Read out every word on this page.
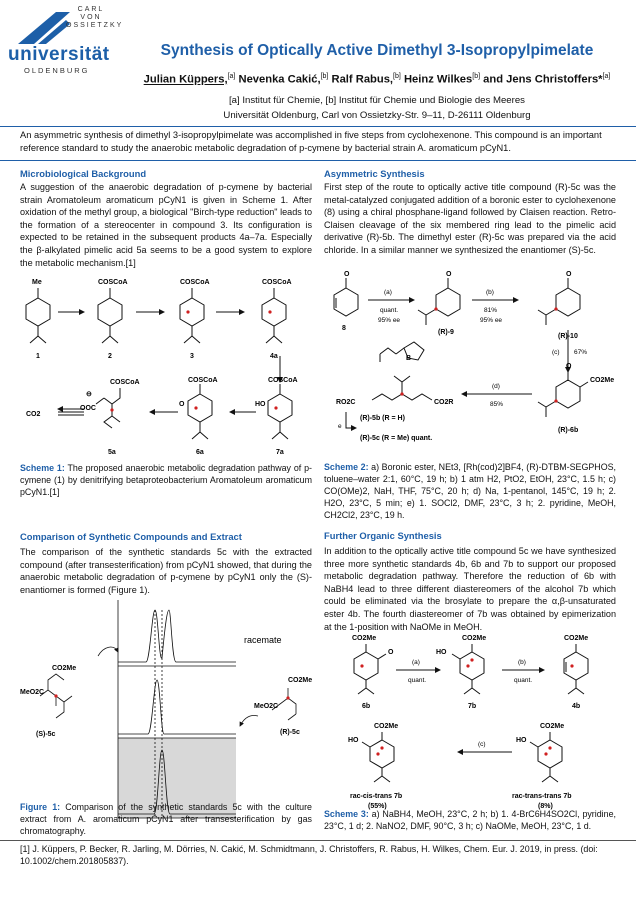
CARL VON OSSIETZKY
universität
OLDENBURG
Synthesis of Optically Active Dimethyl 3-Isopropylpimelate
Julian Küppers,[a] Nevenka Cakić,[b] Ralf Rabus,[b] Heinz Wilkes[b] and Jens Christoffers*[a]
[a] Institut für Chemie, [b] Institut für Chemie und Biologie des Meeres
Universität Oldenburg, Carl von Ossietzky-Str. 9–11, D-26111 Oldenburg
An asymmetric synthesis of dimethyl 3-isopropylpimelate was accomplished in five steps from cyclohexenone. This compound is an important reference standard to study the anaerobic metabolic degradation of p-cymene by bacterial strain A. aromaticum pCyN1.
Microbiological Background
A suggestion of the anaerobic degradation of p-cymene by bacterial strain Aromatoleum aromaticum pCyN1 is given in Scheme 1. After oxidation of the methyl group, a biological "Birch-type reduction" leads to the formation of a stereocenter in compound 3. Its configuration is expected to be retained in the subsequent products 4a–7a. Especially the β-alkylated pimelic acid 5a seems to be a good system to explore the metabolic mechanism.[1]
Me	COSCoA	COSCoA	COSCoA
COSCoA
COSCoA
COSCoA
HO
O
OOC
⊖
CO2
1	2	3	4a
7a
6a
5a
Scheme 1: The proposed anaerobic metabolic degradation pathway of p-cymene (1) by denitrifying betaproteobacterium Aromatoleum aromaticum pCyN1.[1]
Comparison of Synthetic Compounds and Extract
The comparison of the synthetic standards 5c with the extracted compound (after transesterification) from pCyN1 showed, that during the anaerobic metabolic degradation of p-cymene by pCyN1 only the (S)-enantiomer is formed (Figure 1).
racemate
CO2Me
MeO2C
(S)-5c
CO2Me
MeO2C
(R)-5c
Figure 1: Comparison of the synthetic standards 5c with the culture extract from A. aromaticum pCyN1 after transesterification by gas chromatography.
Asymmetric Synthesis
First step of the route to optically active title compound (R)-5c was the metal-catalyzed conjugated addition of a boronic ester to cyclohexenone (8) using a chiral phosphane-ligand followed by Claisen reaction. Retro-Claisen cleavage of the six membered ring lead to the pimelic acid derivative (R)-5b. The dimethyl ester (R)-5c was prepared via the acid chloride. In a similar manner we synthesized the enantiomer (S)-5c.
O	O	O
O
(a)
quant.
95% ee
(b)
81%
95% ee
(c) 67%
(d)
85%
e
B
CO2Me
RO2C	CO2R
8
(R)-9
(R)-10
(R)-6b
(R)-5b (R = H)
(R)-5c (R = Me) quant.
Scheme 2: a) Boronic ester, NEt3, [Rh(cod)2]BF4, (R)-DTBM-SEGPHOS, toluene–water 2:1, 60°C, 19 h; b) 1 atm H2, PtO2, EtOH, 23°C, 1.5 h; c) CO(OMe)2, NaH, THF, 75°C, 20 h; d) Na, 1-pentanol, 145°C, 19 h; 2. H2O, 23°C, 5 min; e) 1. SOCl2, DMF, 23°C, 3 h; 2. pyridine, MeOH, CH2Cl2, 23°C, 19 h.
Further Organic Synthesis
In addition to the optically active title compound 5c we have synthesized three more synthetic standards 4b, 6b and 7b to support our proposed metabolic degradation pathway. Therefore the reduction of 6b with NaBH4 lead to three different diastereomers of the alcohol 7b which could be eliminated via the brosylate to prepare the α,β-unsaturated ester 4b. The fourth diastereomer of 7b was obtained by epimerization at the 1-position with NaOMe in MeOH.
CO2Me
O
CO2Me
HO
CO2Me
CO2Me
HO
CO2Me
HO
(a)
quant.
(b)
quant.
(c)
6b	7b	4b
rac-cis-trans 7b
(55%)
rac-trans-trans 7b
(8%)
Scheme 3: a) NaBH4, MeOH, 23°C, 2 h; b) 1. 4-BrC6H4SO2Cl, pyridine, 23°C, 1 d; 2. NaNO2, DMF, 90°C, 3 h; c) NaOMe, MeOH, 23°C, 1 d.
[1] J. Küppers, P. Becker, R. Jarling, M. Dörries, N. Cakić, M. Schmidtmann, J. Christoffers, R. Rabus, H. Wilkes, Chem. Eur. J. 2019, in press. (doi: 10.1002/chem.201805837).
